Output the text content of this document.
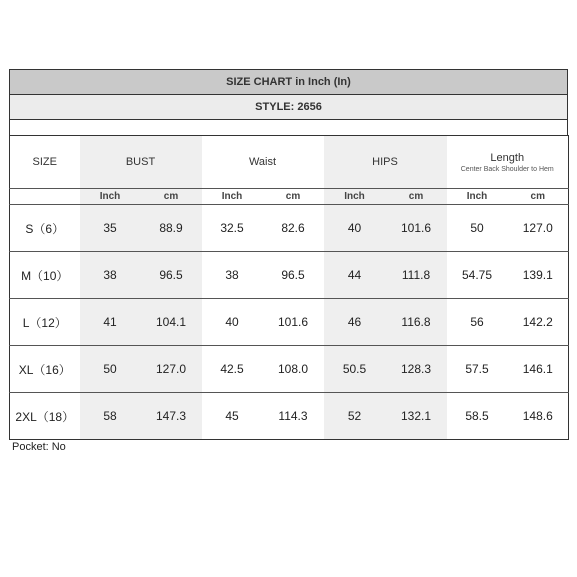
SIZE CHART in Inch (In)
STYLE: 2656
SIZE	BUST		Waist		HIPS		Length
Center Back Shoulder to Hem	

	Inch	cm	Inch	cm	Inch	cm	Inch	cm
S（6）	35	88.9	32.5	82.6	40	101.6	50	127.0
M（10）	38	96.5	38	96.5	44	111.8	54.75	139.1
L（12）	41	104.1	40	101.6	46	116.8	56	142.2
XL（16）	50	127.0	42.5	108.0	50.5	128.3	57.5	146.1
2XL（18）	58	147.3	45	114.3	52	132.1	58.5	148.6
Pocket: No
